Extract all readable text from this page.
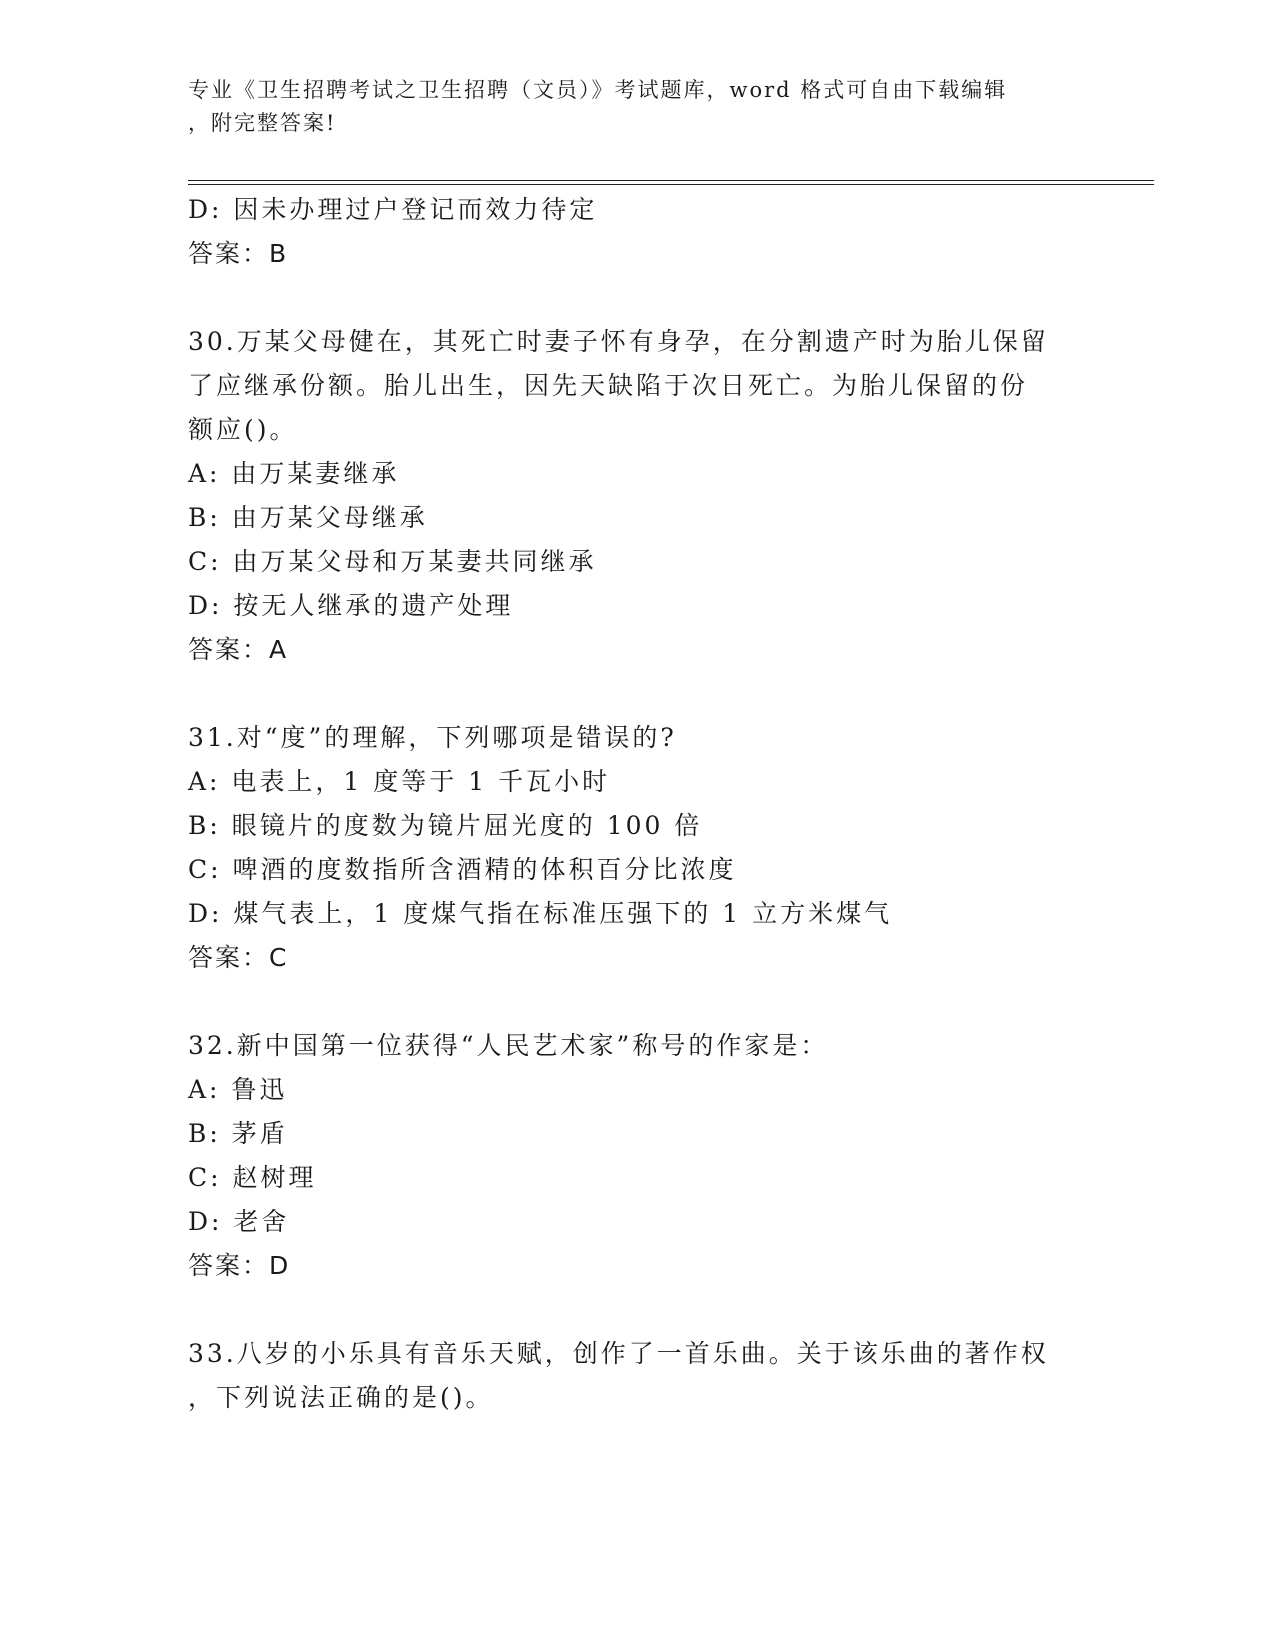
专业《卫生招聘考试之卫生招聘（文员）》考试题库，word 格式可自由下载编辑
，附完整答案!
D: 因未办理过户登记而效力待定
答案：B
30.万某父母健在，其死亡时妻子怀有身孕，在分割遗产时为胎儿保留
了应继承份额。胎儿出生，因先天缺陷于次日死亡。为胎儿保留的份
额应()。
A: 由万某妻继承
B: 由万某父母继承
C: 由万某父母和万某妻共同继承
D: 按无人继承的遗产处理
答案：A
31.对“度”的理解，下列哪项是错误的?
A: 电表上，1 度等于 1 千瓦小时
B: 眼镜片的度数为镜片屈光度的 100 倍
C: 啤酒的度数指所含酒精的体积百分比浓度
D: 煤气表上，1 度煤气指在标准压强下的 1 立方米煤气
答案：C
32.新中国第一位获得“人民艺术家”称号的作家是：
A: 鲁迅
B: 茅盾
C: 赵树理
D: 老舍
答案：D
33.八岁的小乐具有音乐天赋，创作了一首乐曲。关于该乐曲的著作权
，下列说法正确的是()。
